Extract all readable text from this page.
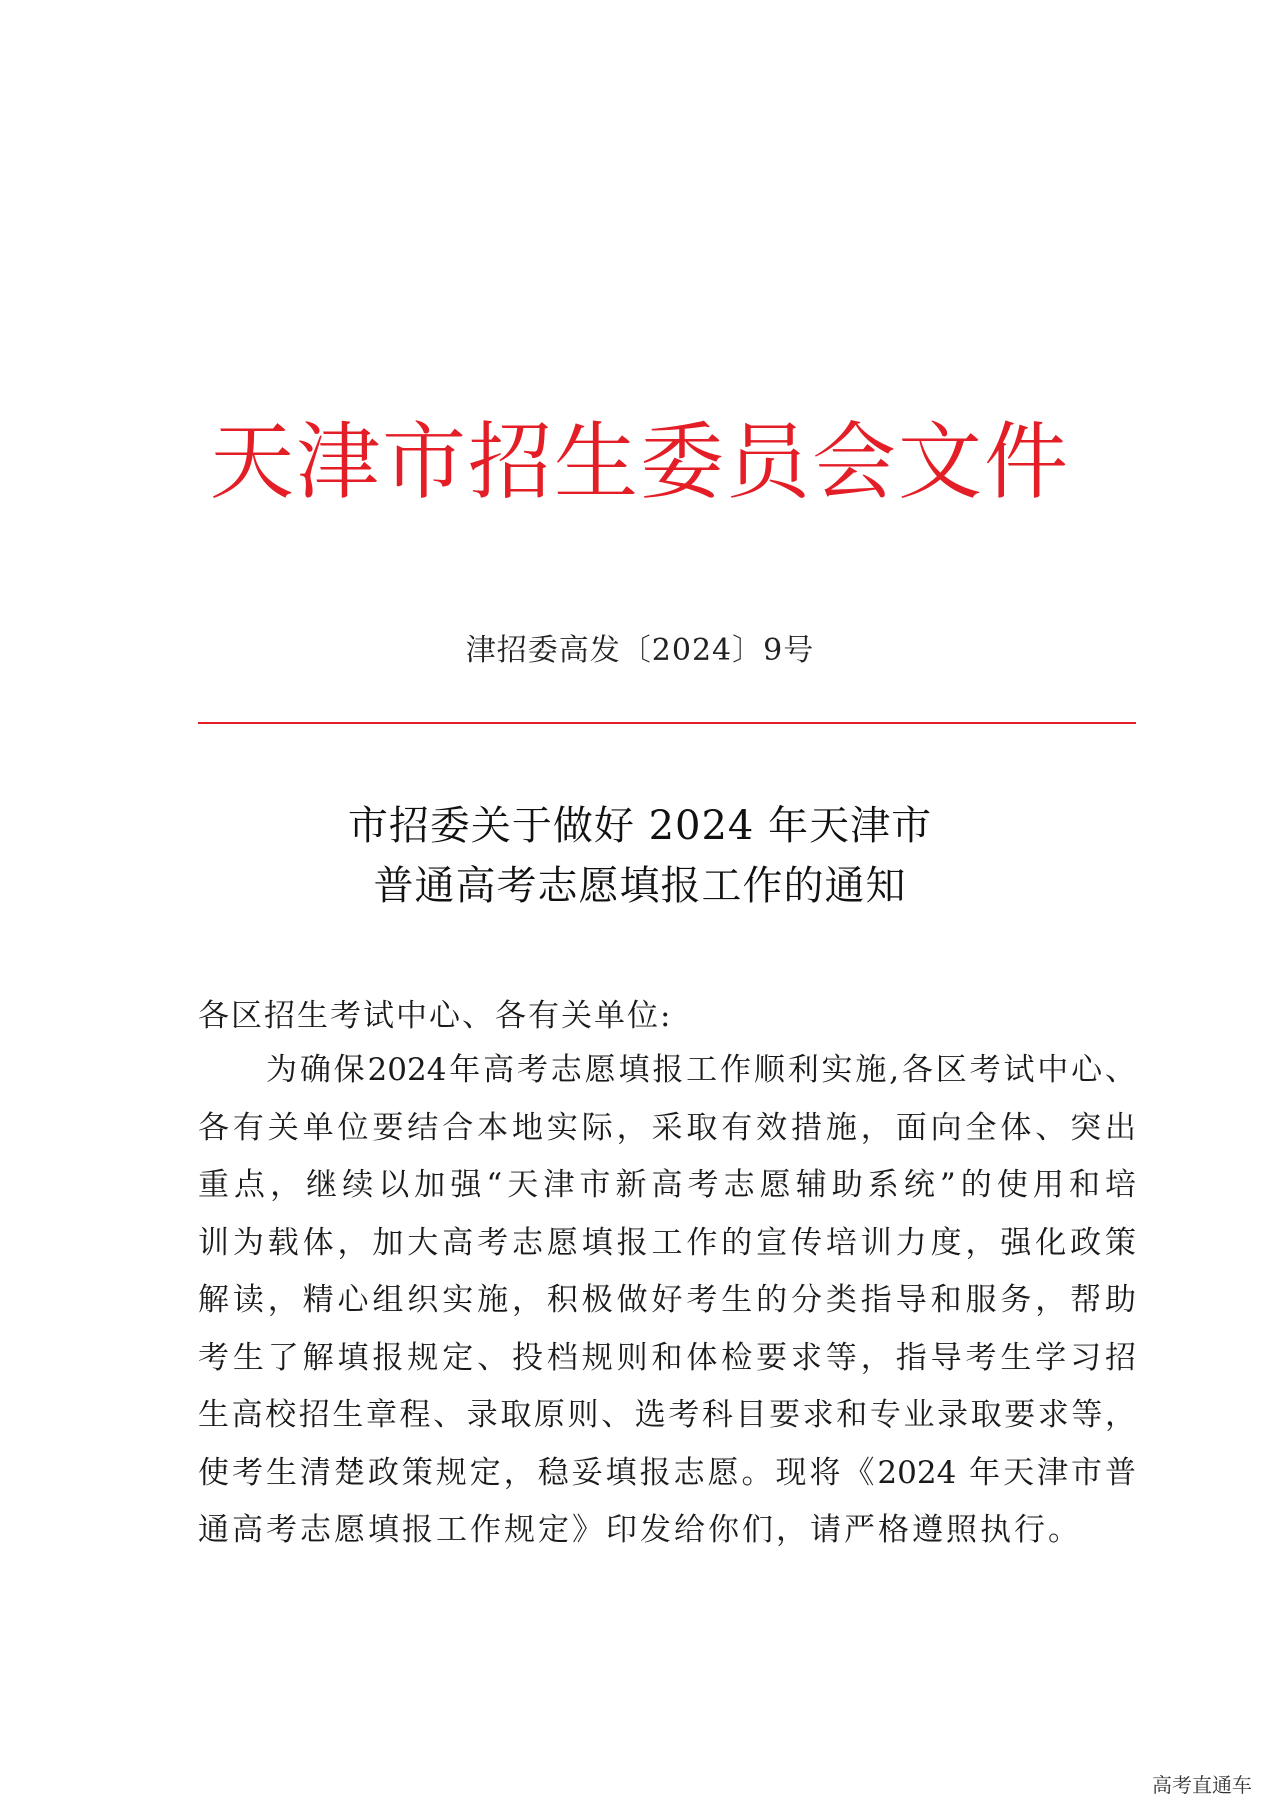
天津市招生委员会文件
津招委高发〔2024〕9号
市招委关于做好 2024 年天津市
普通高考志愿填报工作的通知
各区招生考试中心、各有关单位:
为确保2024年高考志愿填报工作顺利实施,各区考试中心、
各有关单位要结合本地实际，采取有效措施，面向全体、突出
重点，继续以加强“天津市新高考志愿辅助系统”的使用和培
训为载体，加大高考志愿填报工作的宣传培训力度，强化政策
解读，精心组织实施，积极做好考生的分类指导和服务，帮助
考生了解填报规定、投档规则和体检要求等，指导考生学习招
生高校招生章程、录取原则、选考科目要求和专业录取要求等，
使考生清楚政策规定，稳妥填报志愿。现将《2024 年天津市普
通高考志愿填报工作规定》印发给你们，请严格遵照执行。
高考直通车
